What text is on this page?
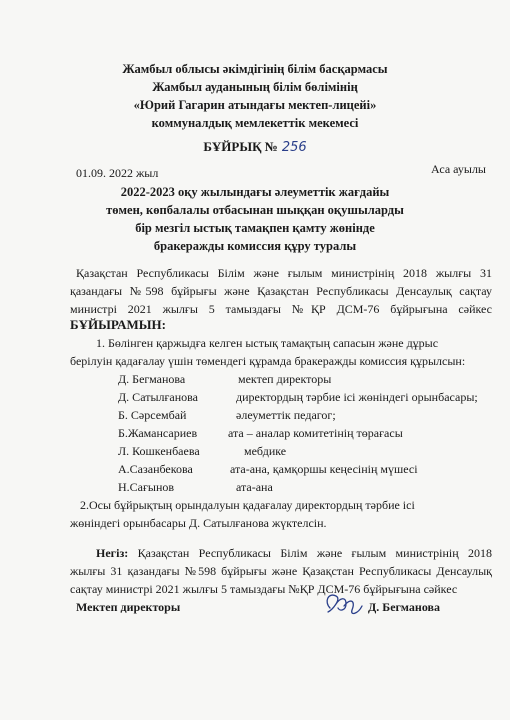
Жамбыл облысы әкімдігінің білім басқармасы
Жамбыл ауданының білім бөлімінің
«Юрий Гагарин атындағы мектеп-лицейі»
коммуналдық мемлекеттік мекемесі
БҰЙРЫҚ № 256
01.09. 2022 жыл	Аса ауылы
2022-2023 оқу жылындағы әлеуметтік жағдайы
төмен, көпбалалы отбасынан шыққан оқушыларды
бір мезгіл ыстық тамақпен қамту жөнінде
бракеражды комиссия құру туралы
Қазақстан Республикасы Білім және ғылым министрінің 2018 жылғы 31
қазандағы №598 бұйрығы және Қазақстан Республикасы Денсаулық сақтау
министрі 2021 жылғы 5 тамыздағы №ҚР ДСМ-76 бұйрығына сәйкес
БҰЙЫРАМЫН:
1. Бөлінген қаржыдға келген ыстық тамақтың сапасын және дұрыс
берілуін қадағалау үшін төмендегі құрамда бракеражды комиссия құрылсын:
Д. Бегманова	мектеп директоры
Д. Сатылғанова	директордың тәрбие ісі жөніндегі орынбасары;
Б. Сәрсембай	әлеуметтік педагог;
Б.Жамансариев	ата – аналар комитетінің төрағасы
Л. Кошкенбаева	мебдике
А.Сазанбекова	ата-ана, қамқоршы кеңесінің мүшесі
Н.Сағынов	ата-ана
2.Осы бұйрықтың орындалуын қадағалау директордың тәрбие ісі
жөніндегі орынбасары Д. Сатылғанова жүктелсін.
Негіз: Қазақстан Республикасы Білім және ғылым министрінің 2018
жылғы 31 қазандағы №598 бұйрығы және Қазақстан Республикасы Денсаулық
сақтау министрі 2021 жылғы 5 тамыздағы №ҚР ДСМ-76 бұйрығына сәйкес
Мектеп директоры	Д. Бегманова
